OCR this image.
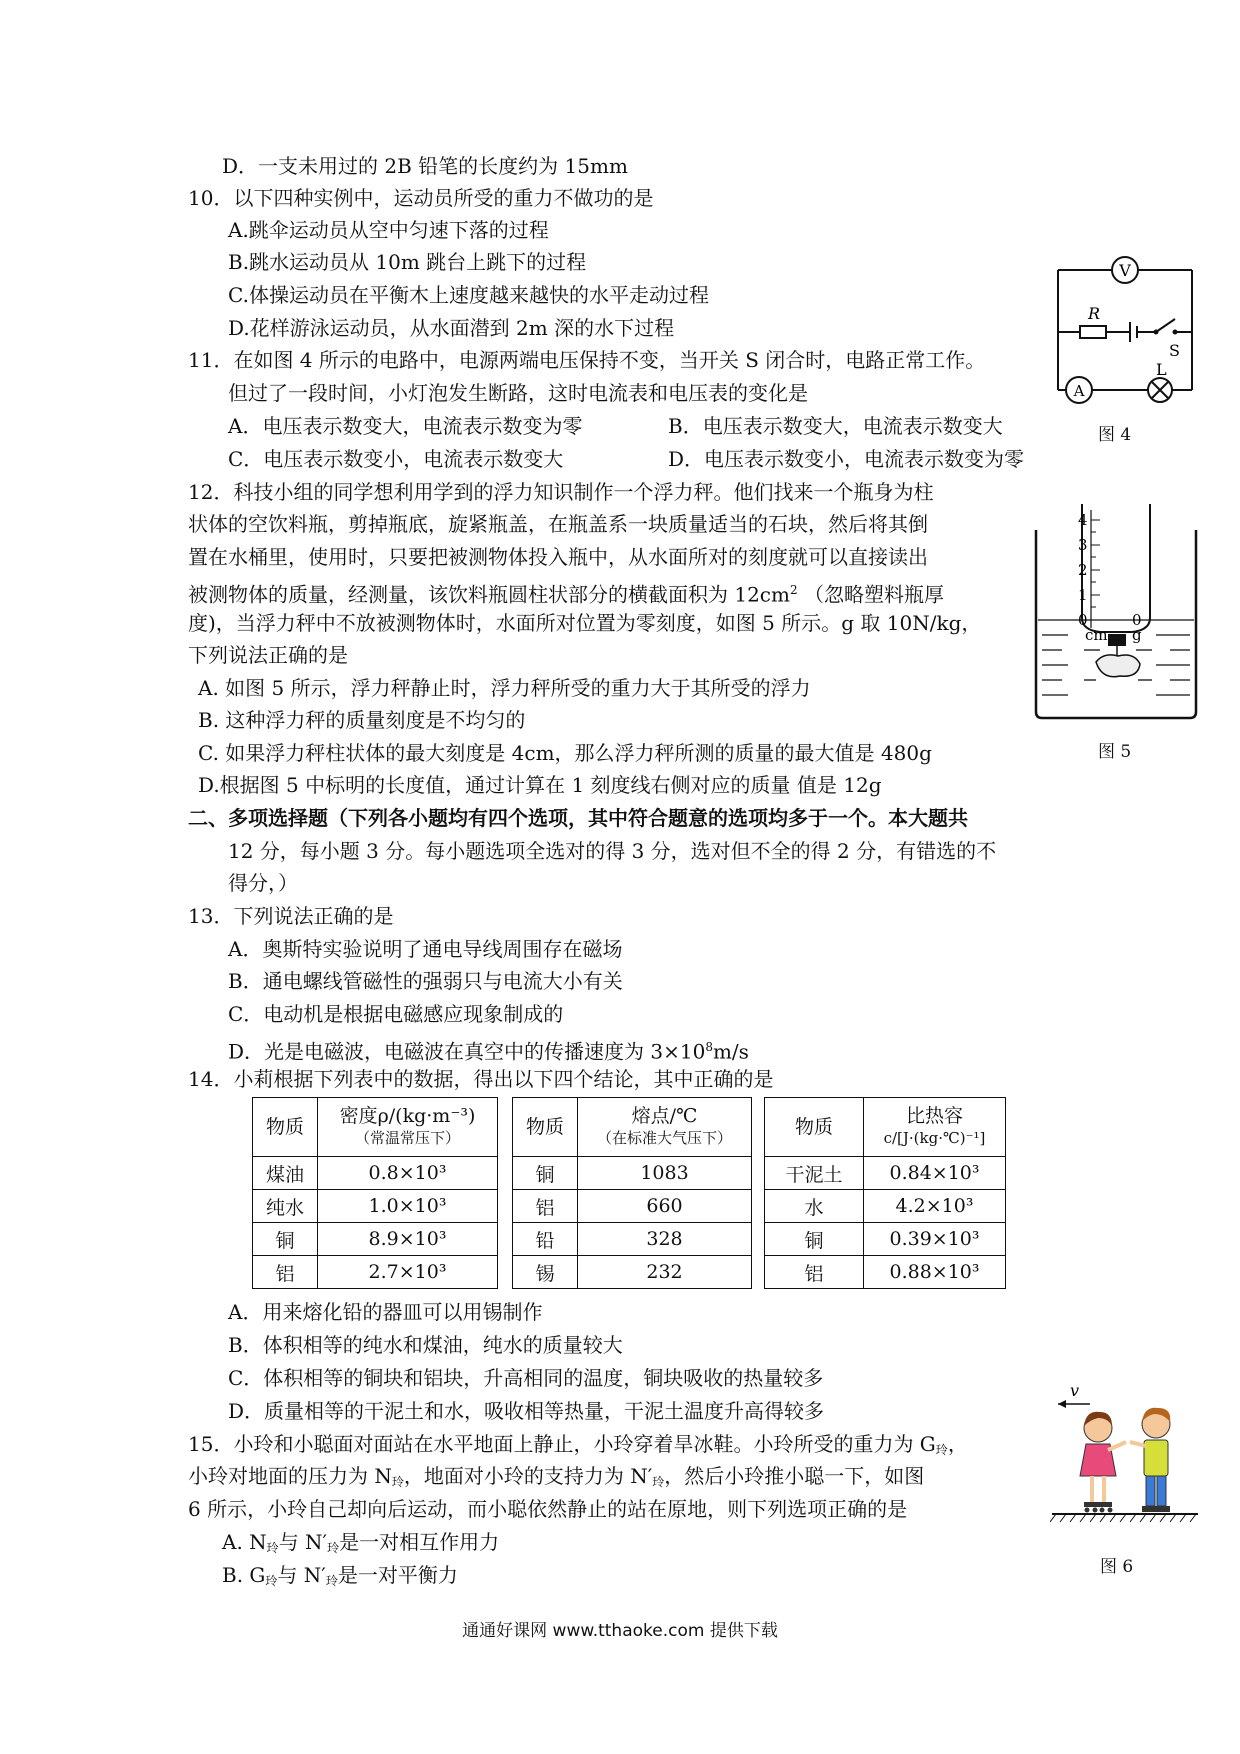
D．一支未用过的 2B 铅笔的长度约为 15mm
10．以下四种实例中，运动员所受的重力不做功的是
A.跳伞运动员从空中匀速下落的过程
B.跳水运动员从 10m 跳台上跳下的过程
C.体操运动员在平衡木上速度越来越快的水平走动过程
D.花样游泳运动员，从水面潜到 2m 深的水下过程
11．在如图 4 所示的电路中，电源两端电压保持不变，当开关 S 闭合时，电路正常工作。
但过了一段时间，小灯泡发生断路，这时电流表和电压表的变化是
A．电压表示数变大，电流表示数变为零	B．电压表示数变大，电流表示数变大
C．电压表示数变小，电流表示数变大	D．电压表示数变小，电流表示数变为零
V
R
S
L
A
图 4
12．科技小组的同学想利用学到的浮力知识制作一个浮力秤。他们找来一个瓶身为柱
状体的空饮料瓶，剪掉瓶底，旋紧瓶盖，在瓶盖系一块质量适当的石块，然后将其倒
置在水桶里，使用时，只要把被测物体投入瓶中，从水面所对的刻度就可以直接读出
被测物体的质量，经测量，该饮料瓶圆柱状部分的横截面积为 $12cm^2$ （忽略塑料瓶厚
度)，当浮力秤中不放被测物体时，水面所对位置为零刻度，如图 5 所示。g 取 10N/kg，
下列说法正确的是
A. 如图 5 所示，浮力秤静止时，浮力秤所受的重力大于其所受的浮力
B. 这种浮力秤的质量刻度是不均匀的
C. 如果浮力秤柱状体的最大刻度是 4cm，那么浮力秤所测的质量的最大值是 480g
D.根据图 5 中标明的长度值，通过计算在 1 刻度线右侧对应的质量 值是 12g
4
3
2
1
0	0
cm g
图 5
二、多项选择题（下列各小题均有四个选项，其中符合题意的选项均多于一个。本大题共
12 分，每小题 3 分。每小题选项全选对的得 3 分，选对但不全的得 2 分，有错选的不
得分，）
13．下列说法正确的是
A．奥斯特实验说明了通电导线周围存在磁场
B．通电螺线管磁性的强弱只与电流大小有关
C．电动机是根据电磁感应现象制成的
D．光是电磁波，电磁波在真空中的传播速度为 $3\times 10^8m/s$
14．小莉根据下列表中的数据，得出以下四个结论，其中正确的是
物质	密度ρ/(kg·m⁻³)
（常温常压下）

煤油	0.8×10³
纯水	1.0×10³
铜	8.9×10³
铝	2.7×10³
物质	熔点/℃
（在标准大气压下）

铜	1083
铝	660
铅	328
锡	232
物质	比热容
c/[J·(kg·℃)⁻¹]

干泥土	0.84×10³
水	4.2×10³
铜	0.39×10³
铝	0.88×10³
A．用来熔化铅的器皿可以用锡制作
B．体积相等的纯水和煤油，纯水的质量较大
C．体积相等的铜块和铝块，升高相同的温度，铜块吸收的热量较多
D．质量相等的干泥土和水，吸收相等热量，干泥土温度升高得较多
15．小玲和小聪面对面站在水平地面上静止，小玲穿着旱冰鞋。小玲所受的重力为 $G_玲$，
小玲对地面的压力为 $N_玲$，地面对小玲的支持力为 $N'_玲$，然后小玲推小聪一下，如图
6 所示，小玲自己却向后运动，而小聪依然静止的站在原地，则下列选项正确的是
A. $N_玲$与 $N'_玲$是一对相互作用力
B. $G_玲$与 $N'_玲$是一对平衡力
v
图 6
通通好课网 www.tthaoke.com 提供下载
